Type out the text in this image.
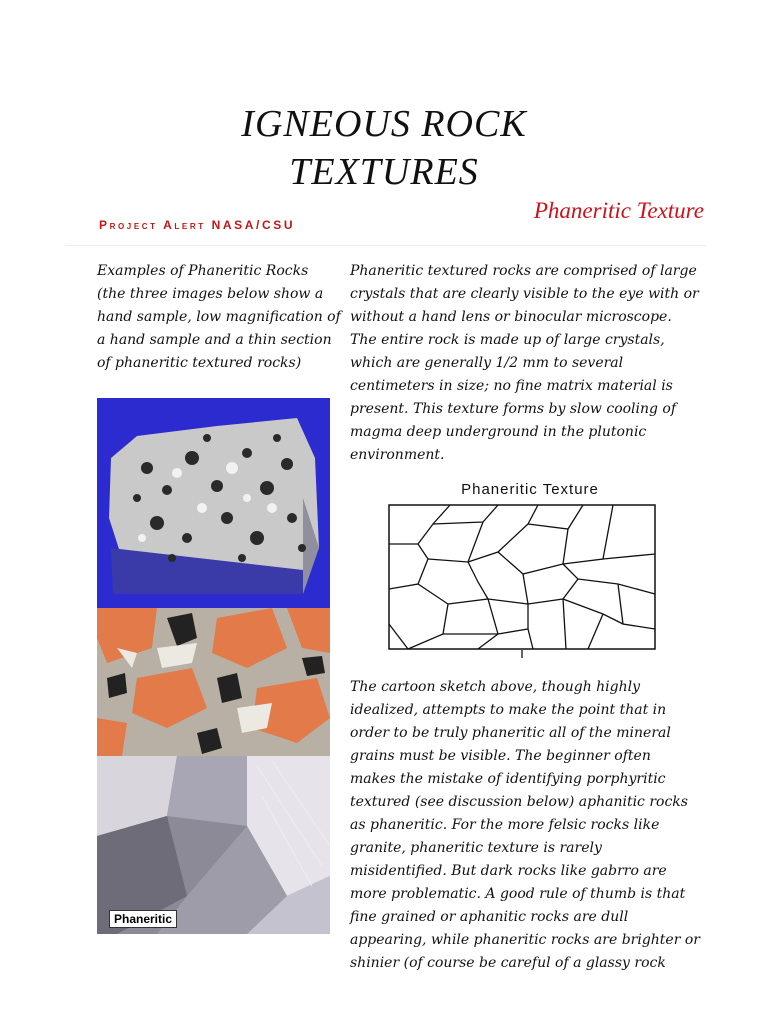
IGNEOUS ROCK
TEXTURES
Project Alert NASA/CSU
Phaneritic Texture
Examples of Phaneritic Rocks (the three images below show a hand sample, low magnification of a hand sample and a thin section of phaneritic textured rocks)
Phaneritic
Phaneritic textured rocks are comprised of large crystals that are clearly visible to the eye with or without a hand lens or binocular microscope. The entire rock is made up of large crystals, which are generally 1/2 mm to several centimeters in size; no fine matrix material is present. This texture forms by slow cooling of magma deep underground in the plutonic environment.
Phaneritic Texture
The cartoon sketch above, though highly idealized, attempts to make the point that in order to be truly phaneritic all of the mineral grains must be visible. The beginner often makes the mistake of identifying porphyritic textured (see discussion below) aphanitic rocks as phaneritic. For the more felsic rocks like granite, phaneritic texture is rarely misidentified. But dark rocks like gabrro are more problematic. A good rule of thumb is that fine grained or aphanitic rocks are dull appearing, while phaneritic rocks are brighter or shinier (of course be careful of a glassy rock
